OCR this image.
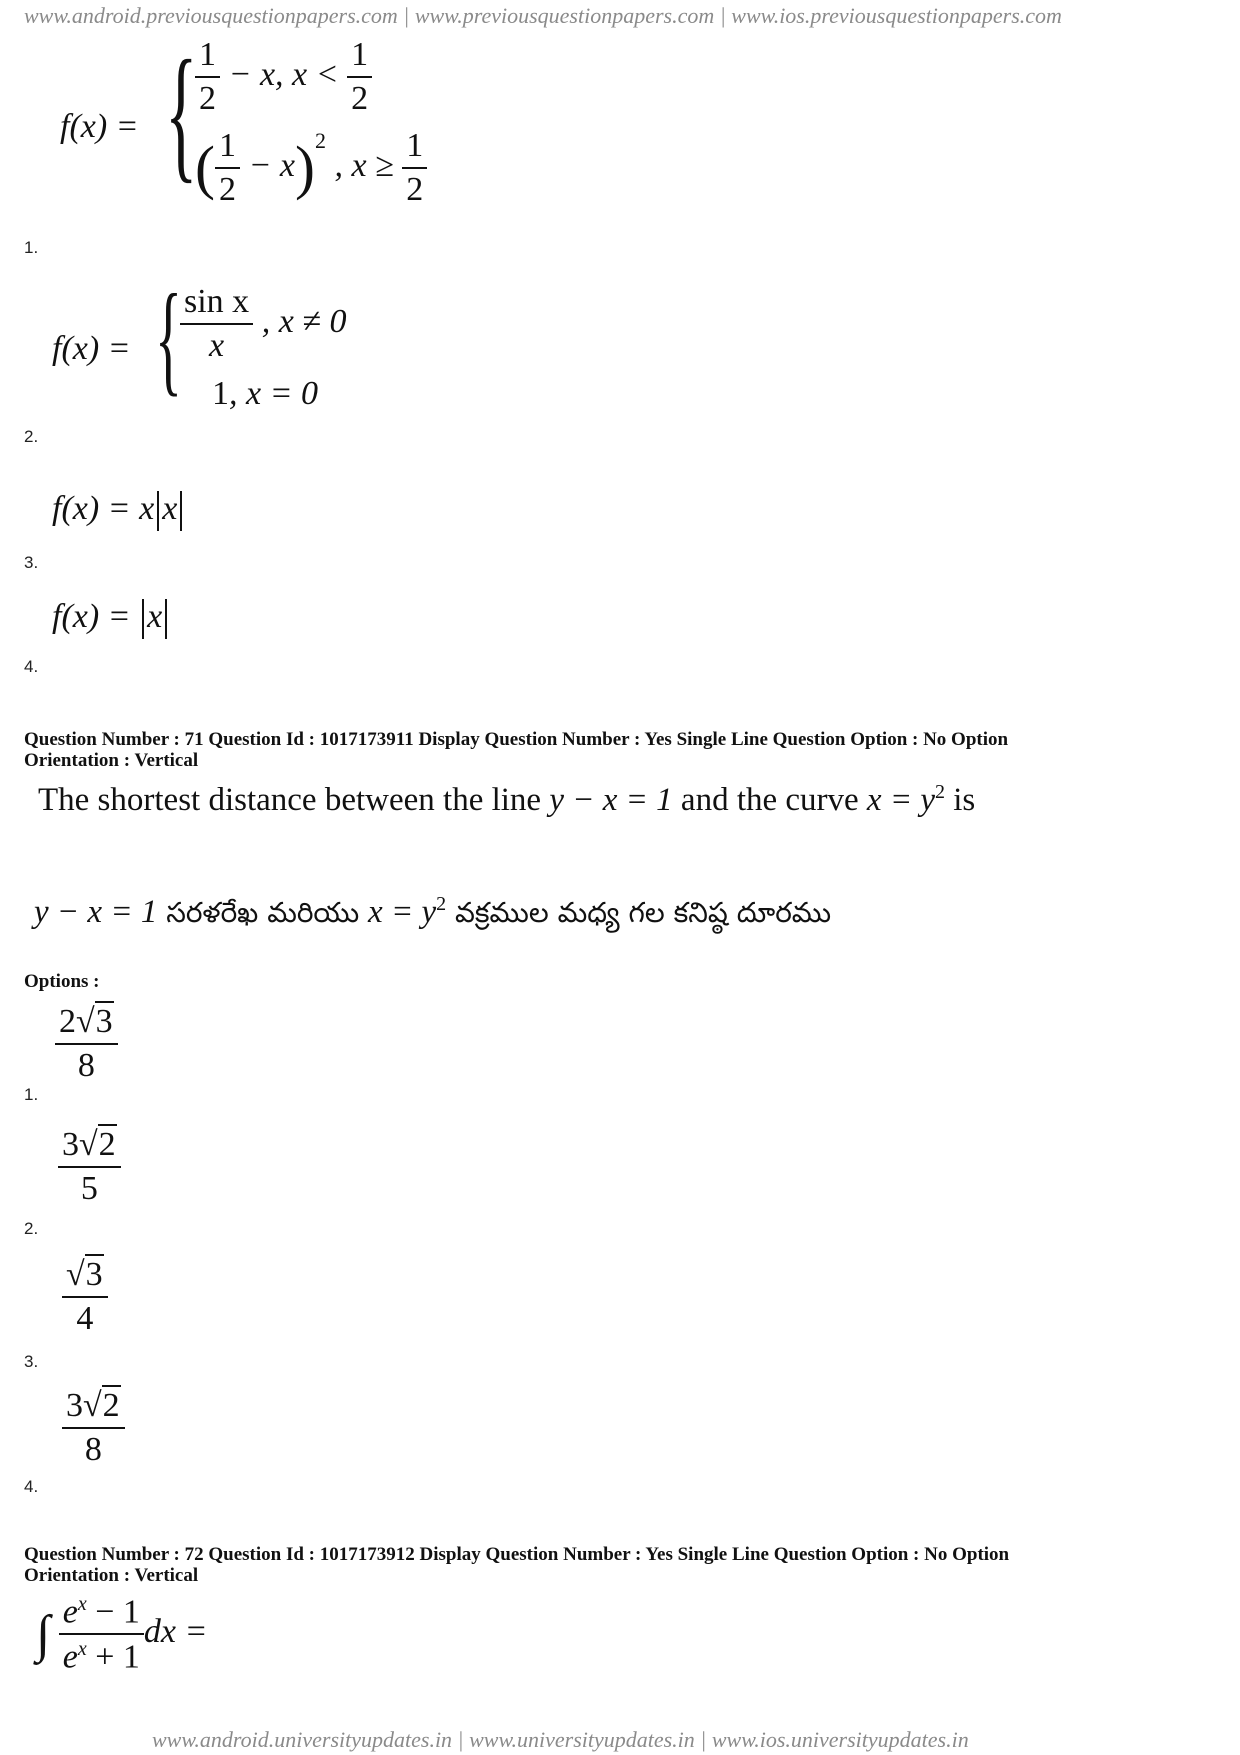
www.android.previousquestionpapers.com | www.previousquestionpapers.com | www.ios.previousquestionpapers.com
f(x) = {
$\frac{1}{2} - x$, $x < \frac{1}{2}$
( $\frac{1}{2} - x)^2$ , $x \ge \frac{1}{2}$
1.
f(x) = {
$\frac{\text{sin x}}{x}$ , x ≠ 0
1, x = 0
2.
f(x) = x x
3.
f(x) = x
4.
Question Number : 71 Question Id : 1017173911 Display Question Number : Yes Single Line Question Option : No Option
Orientation : Vertical
The shortest distance between the line y − x = 1 and the curve $x = y^2$ is
y − x = 1 సరళరేఖ మరియు $x = y^2$ వక్రముల మధ్య గల కనిష్ఠ దూరము
Options :
$\frac{2√3}{8}$
1.
$\frac{3√2}{5}$
2.
$\frac{√3}{4}$
3.
$\frac{3√2}{8}$
4.
Question Number : 72 Question Id : 1017173912 Display Question Number : Yes Single Line Question Option : No Option
Orientation : Vertical
∫ $\frac{e^x - 1}{e^x + 1}$ dx =
www.android.universityupdates.in | www.universityupdates.in | www.ios.universityupdates.in
